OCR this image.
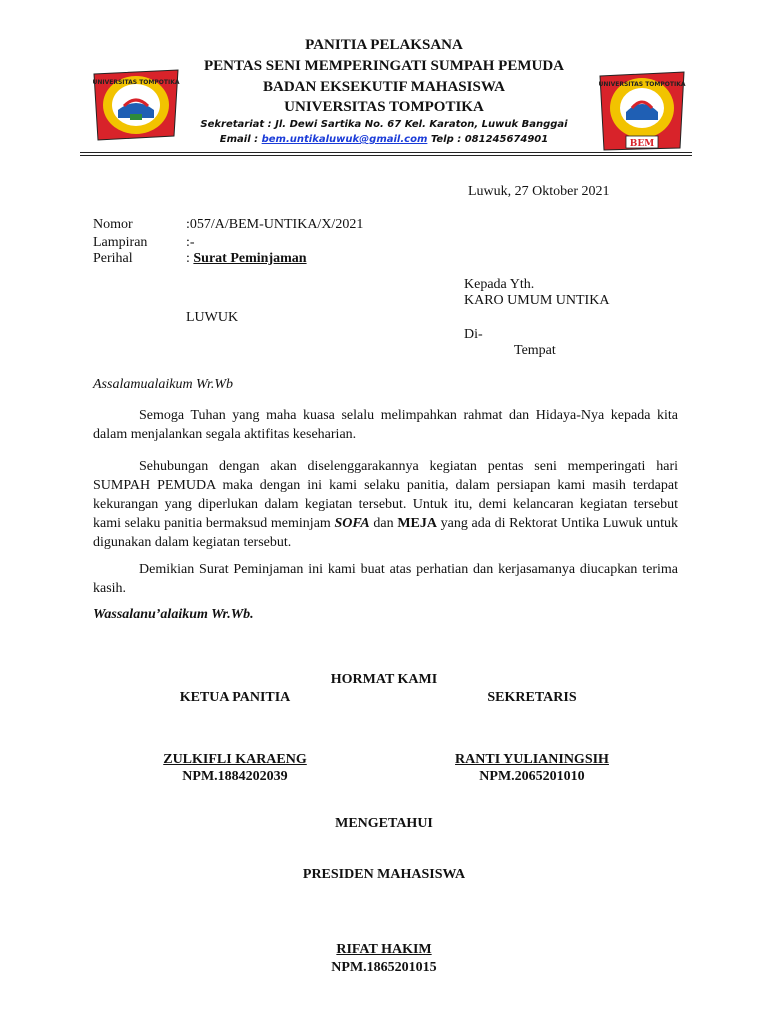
UNIVERSITAS TOMPOTIKA	UNIVERSITAS TOMPOTIKA
BEM
PANITIA PELAKSANA
PENTAS SENI MEMPERINGATI SUMPAH PEMUDA
BADAN EKSEKUTIF MAHASISWA
UNIVERSITAS TOMPOTIKA
Sekretariat : Jl. Dewi Sartika No. 67 Kel. Karaton, Luwuk Banggai
Email : bem.untikaluwuk@gmail.com Telp : 081245674901
Luwuk, 27 Oktober 2021
Nomor	:057/A/BEM-UNTIKA/X/2021
Lampiran	:-
Perihal	: Surat Peminjaman
Kepada Yth.
KARO UMUM UNTIKA
LUWUK
Di-
Tempat
Assalamualaikum Wr.Wb
Semoga Tuhan yang maha kuasa selalu melimpahkan rahmat dan Hidaya-Nya kepada kita dalam menjalankan segala aktifitas keseharian.
Sehubungan dengan akan diselenggarakannya kegiatan pentas seni memperingati hari SUMPAH PEMUDA maka dengan ini kami selaku panitia, dalam persiapan kami masih terdapat kekurangan yang diperlukan dalam kegiatan tersebut. Untuk itu, demi kelancaran kegiatan tersebut kami selaku panitia bermaksud meminjam SOFA dan MEJA yang ada di Rektorat Untika Luwuk untuk digunakan dalam kegiatan tersebut.
Demikian Surat Peminjaman ini kami buat atas perhatian dan kerjasamanya diucapkan terima kasih.
Wassalanu’alaikum Wr.Wb.
HORMAT KAMI
KETUA PANITIA	SEKRETARIS
ZULKIFLI KARAENG
NPM.1884202039
RANTI YULIANINGSIH
NPM.2065201010
MENGETAHUI
PRESIDEN MAHASISWA
RIFAT HAKIM
NPM.1865201015
